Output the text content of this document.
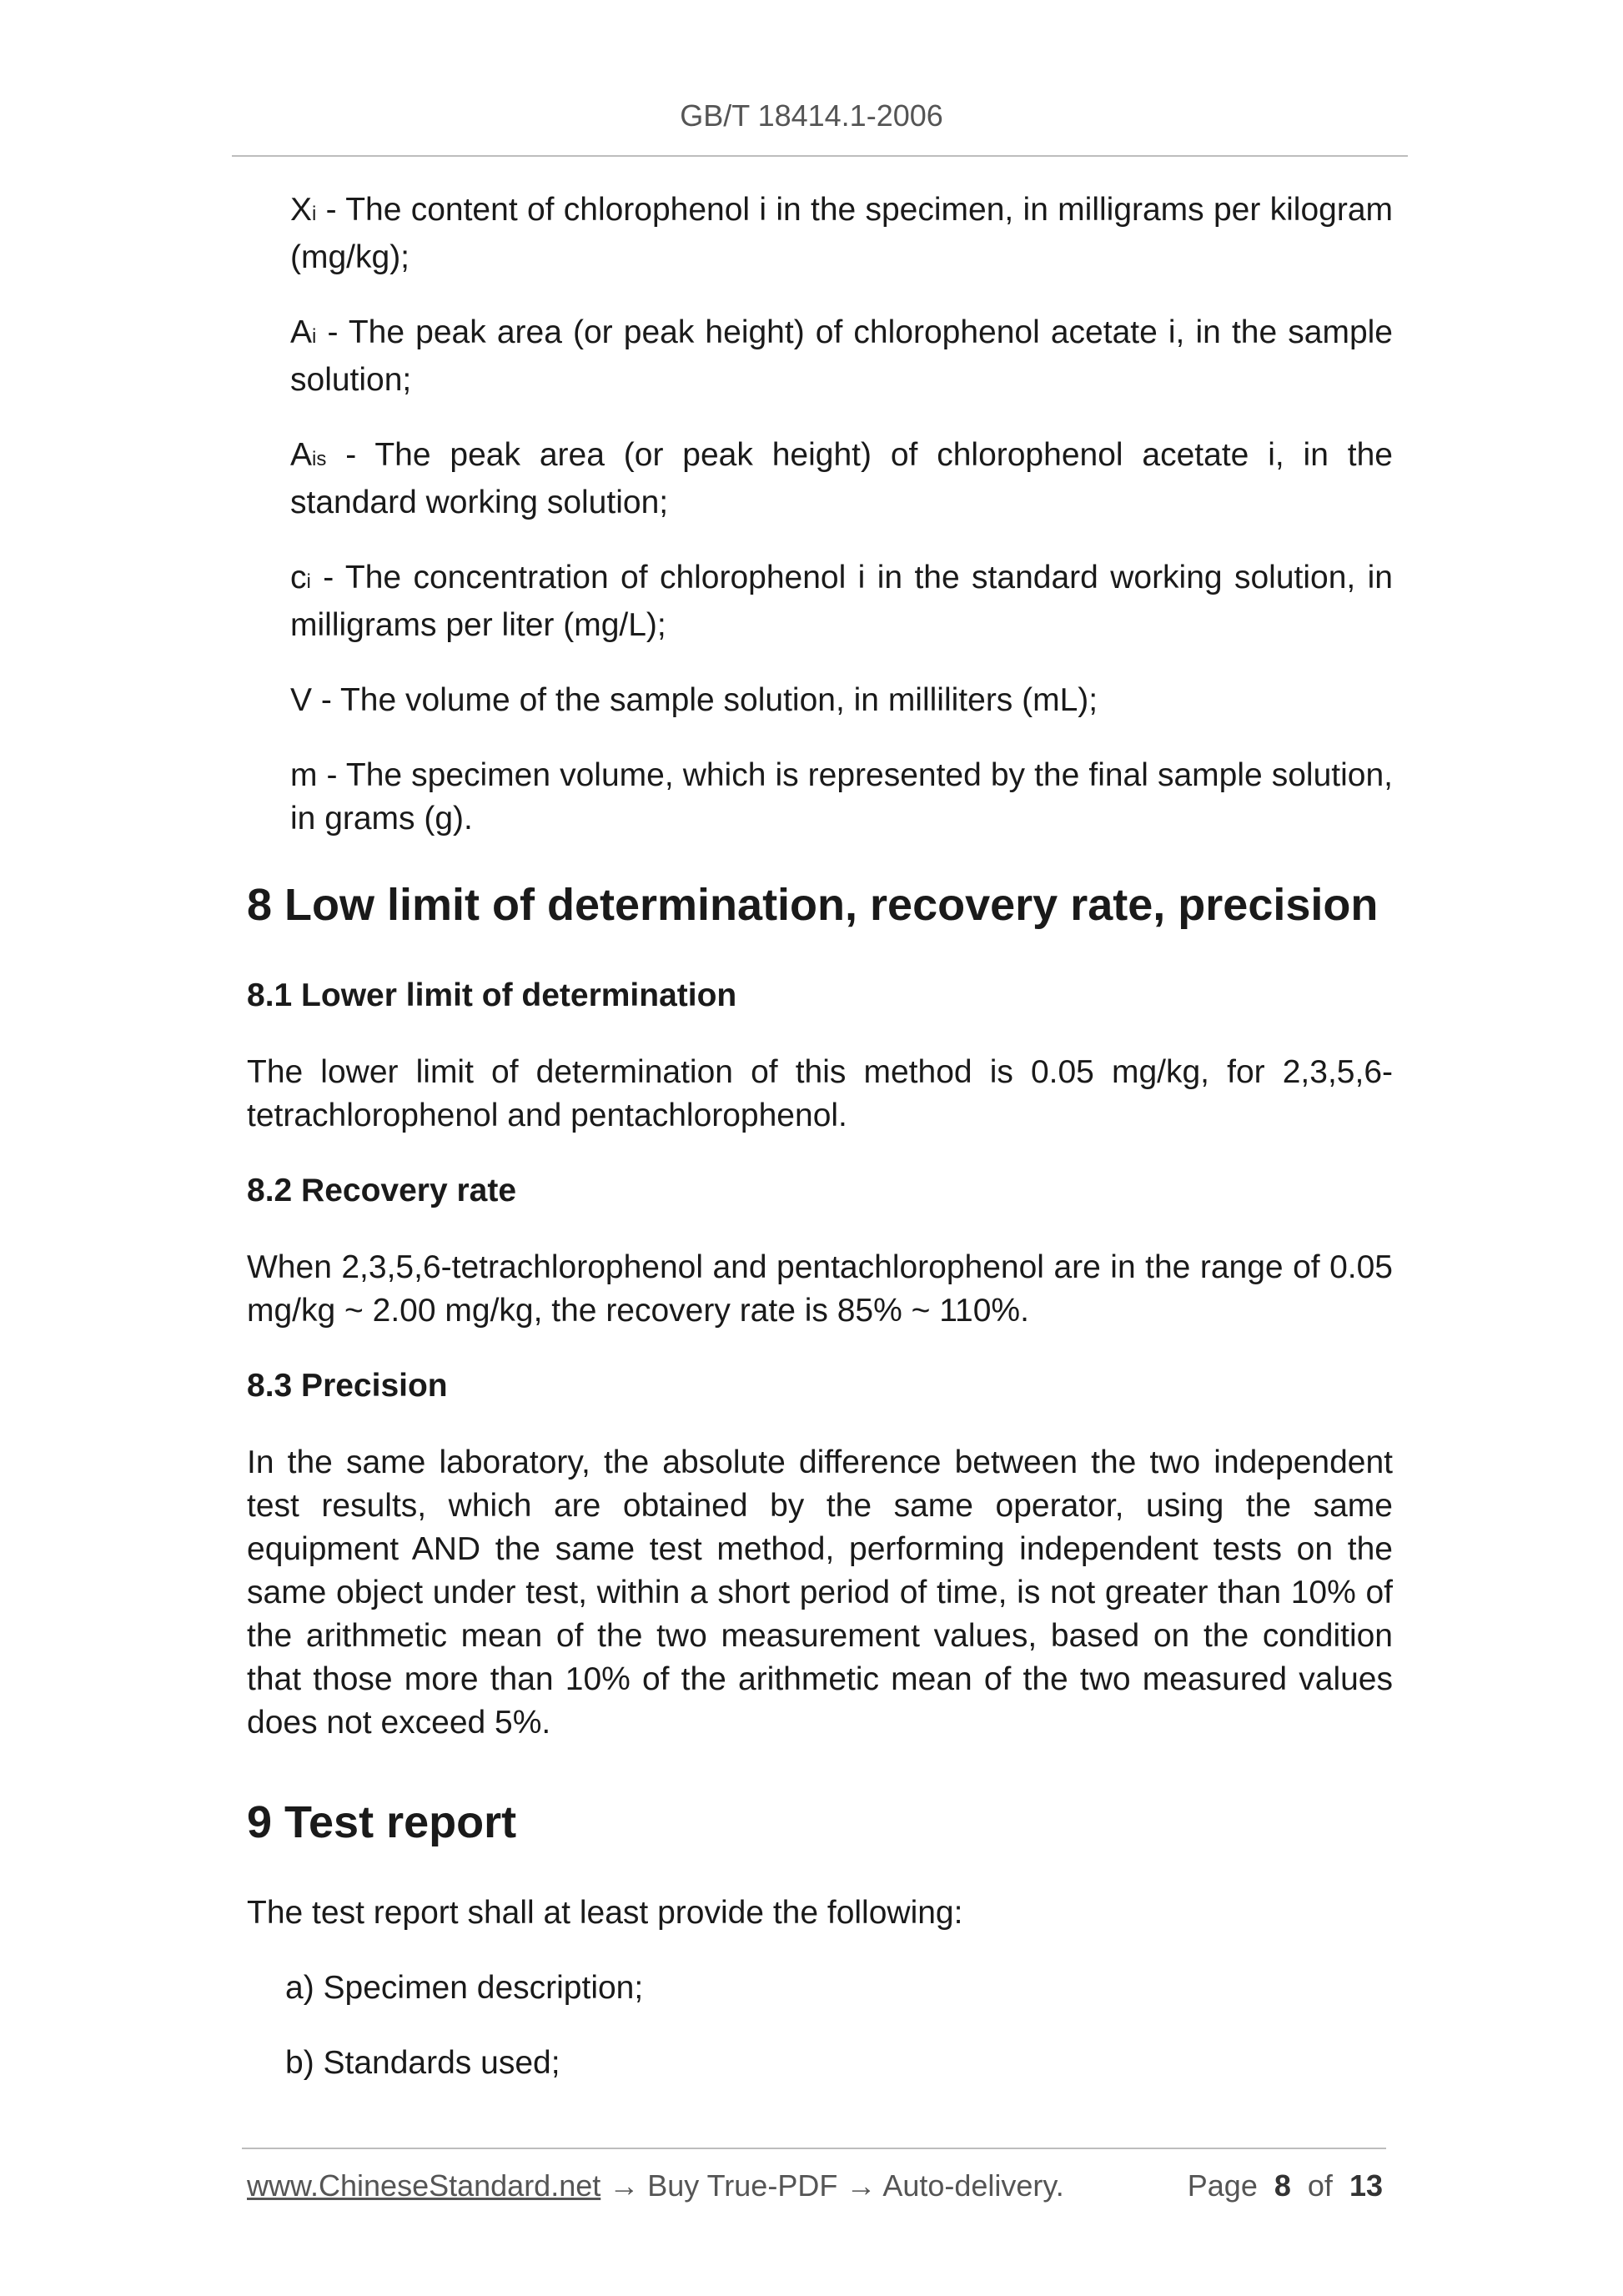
GB/T 18414.1-2006

Xi - The content of chlorophenol i in the specimen, in milligrams per kilogram (mg/kg);

Ai - The peak area (or peak height) of chlorophenol acetate i, in the sample solution;

Ais - The peak area (or peak height) of chlorophenol acetate i, in the standard working solution;

ci - The concentration of chlorophenol i in the standard working solution, in milligrams per liter (mg/L);

V - The volume of the sample solution, in milliliters (mL);

m - The specimen volume, which is represented by the final sample solution, in grams (g).

8 Low limit of determination, recovery rate, precision
8.1 Lower limit of determination

The lower limit of determination of this method is 0.05 mg/kg, for 2,3,5,6-tetrachlorophenol and pentachlorophenol.

8.2 Recovery rate

When 2,3,5,6-tetrachlorophenol and pentachlorophenol are in the range of 0.05 mg/kg ~ 2.00 mg/kg, the recovery rate is 85% ~ 110%.

8.3 Precision

In the same laboratory, the absolute difference between the two independent test results, which are obtained by the same operator, using the same equipment AND the same test method, performing independent tests on the same object under test, within a short period of time, is not greater than 10% of the arithmetic mean of the two measurement values, based on the condition that those more than 10% of the arithmetic mean of the two measured values does not exceed 5%.

9 Test report

The test report shall at least provide the following:

a) Specimen description;

b) Standards used;

www.ChineseStandard.net → Buy True-PDF → Auto-delivery.	Page 8 of 13
